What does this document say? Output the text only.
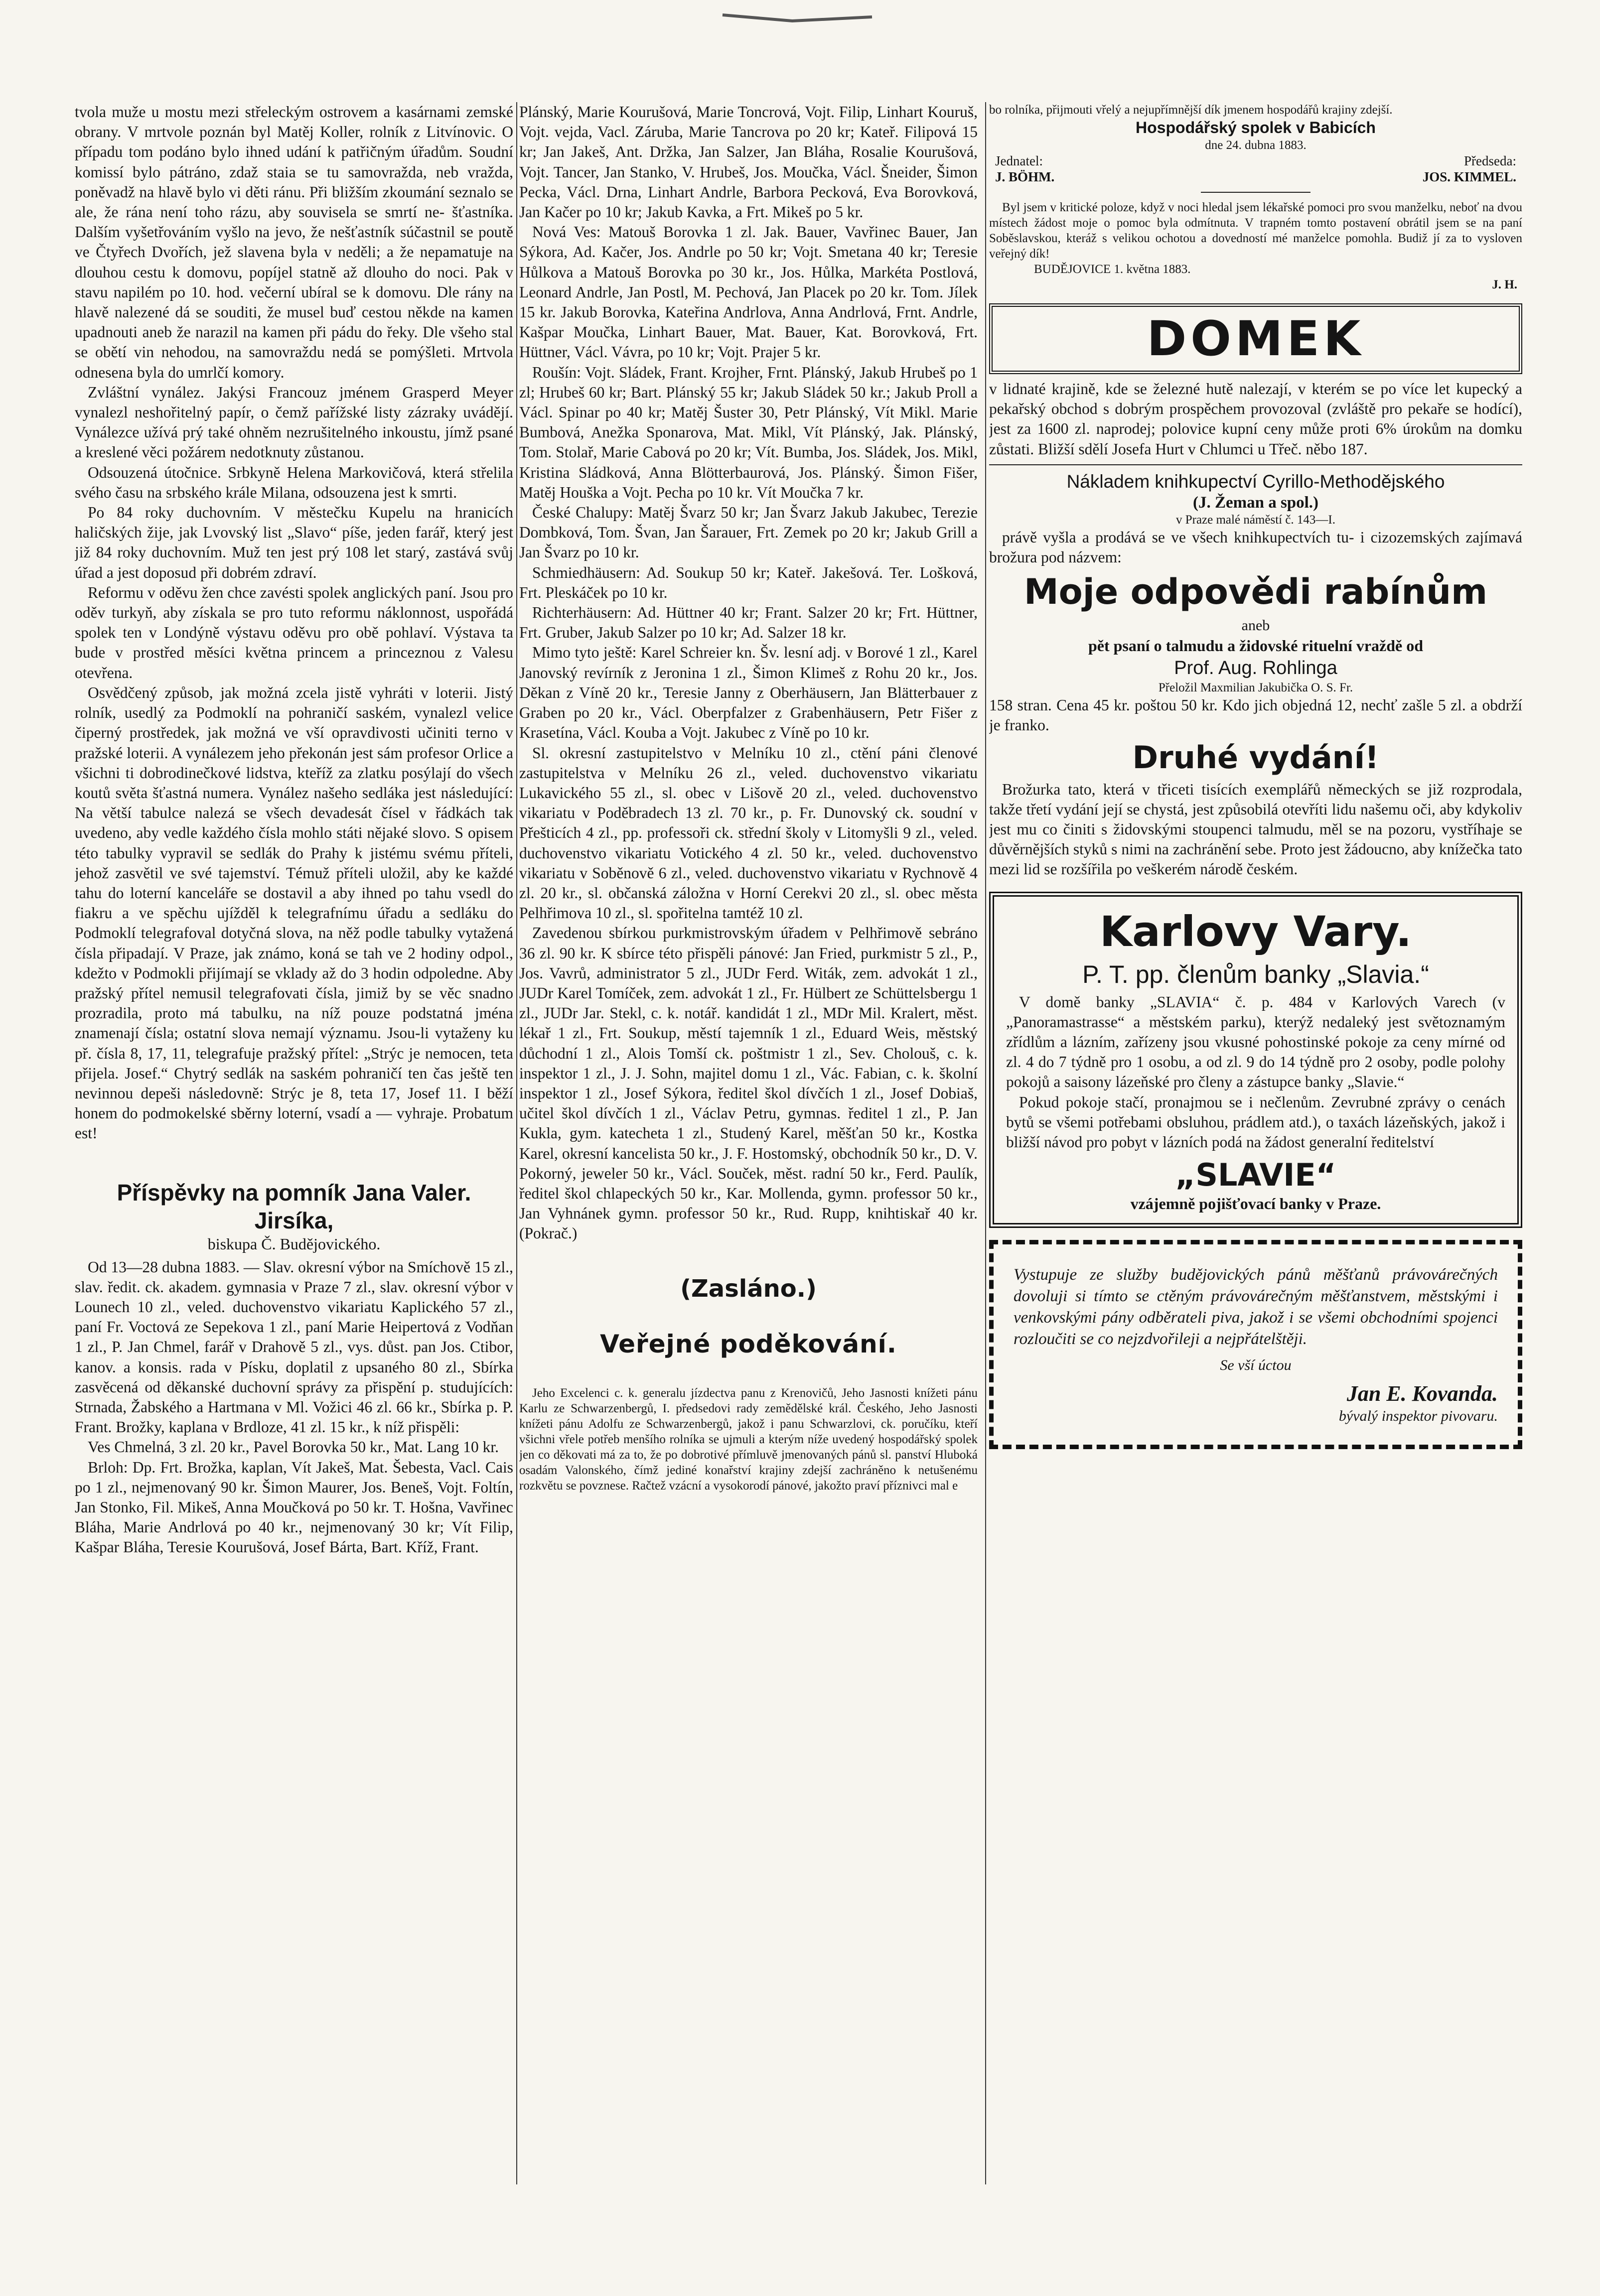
tvola muže u mostu mezi střeleckým ostrovem a kasárnami zemské obrany. V mrtvole poznán byl Matěj Koller, rolník z Litvínovic. O případu tom podáno bylo ihned udání k patřičným úřadům. Soudní komissí bylo pátráno, zdaž staia se tu samovražda, neb vražda, poněvadž na hlavě bylo vi děti ránu. Při bližším zkoumání seznalo se ale, že rána není toho rázu, aby souvisela se smrtí ne- šťastníka. Dalším vyšetřováním vyšlo na jevo, že nešťastník súčastnil se poutě ve Čtyřech Dvořích, jež slavena byla v neděli; a že nepamatuje na dlouhou cestu k domovu, popíjel statně až dlouho do noci. Pak v stavu napilém po 10. hod. večerní ubíral se k domovu. Dle rány na hlavě nalezené dá se souditi, že musel buď cestou někde na kamen upadnouti aneb že narazil na kamen při pádu do řeky. Dle všeho stal se obětí vin nehodou, na samovraždu nedá se pomýšleti. Mrtvola odnesena byla do umrlčí komory.

Zvláštní vynález. Jakýsi Francouz jménem Grasperd Meyer vynalezl neshořitelný papír, o čemž pařížské listy zázraky uvádějí. Vynálezce užívá prý také ohněm nezrušitelného inkoustu, jímž psané a kreslené věci požárem nedotknuty zůstanou.

Odsouzená útočnice. Srbkyně Helena Markovičová, která střelila svého času na srbského krále Milana, odsouzena jest k smrti.

Po 84 roky duchovním. V městečku Kupelu na hranicích haličských žije, jak Lvovský list „Slavo“ píše, jeden farář, který jest již 84 roky duchovním. Muž ten jest prý 108 let starý, zastává svůj úřad a jest doposud při dobrém zdraví.

Reformu v oděvu žen chce zavésti spolek anglických paní. Jsou pro oděv turkyň, aby získala se pro tuto reformu náklonnost, uspořádá spolek ten v Londýně výstavu oděvu pro obě pohlaví. Výstava ta bude v prostřed měsíci května princem a princeznou z Valesu otevřena.

Osvědčený způsob, jak možná zcela jistě vyhráti v loterii. Jistý rolník, usedlý za Podmoklí na pohraničí saském, vynalezl velice čiperný prostředek, jak možná ve vší opravdivosti učiniti terno v pražské loterii. A vynálezem jeho překonán jest sám profesor Orlice a všichni ti dobrodinečkové lidstva, kteříž za zlatku posýlají do všech koutů světa šťastná numera. Vynález našeho sedláka jest následující: Na větší tabulce nalezá se všech devadesát čísel v řádkách tak uvedeno, aby vedle každého čísla mohlo státi nějaké slovo. S opisem této tabulky vypravil se sedlák do Prahy k jistému svému příteli, jehož zasvětil ve své tajemství. Témuž příteli uložil, aby ke každé tahu do loterní kanceláře se dostavil a aby ihned po tahu vsedl do fiakru a ve spěchu ujížděl k telegrafnímu úřadu a sedláku do Podmoklí telegrafoval dotyčná slova, na něž podle tabulky vytažená čísla připadají. V Praze, jak známo, koná se tah ve 2 hodiny odpol., kdežto v Podmokli přijímají se vklady až do 3 hodin odpoledne. Aby pražský přítel nemusil telegrafovati čísla, jimiž by se věc snadno prozradila, proto má tabulku, na níž pouze podstatná jména znamenají čísla; ostatní slova nemají významu. Jsou-li vytaženy ku př. čísla 8, 17, 11, telegrafuje pražský přítel: „Strýc je nemocen, teta přijela. Josef.“ Chytrý sedlák na saském pohraničí ten čas ještě ten nevinnou depeši následovně: Strýc je 8, teta 17, Josef 11. I běží honem do podmokelské sběrny loterní, vsadí a — vyhraje. Probatum est!

Příspěvky na pomník Jana Valer. Jirsíka,

biskupa Č. Budějovického.

Od 13—28 dubna 1883. — Slav. okresní výbor na Smíchově 15 zl., slav. ředit. ck. akadem. gymnasia v Praze 7 zl., slav. okresní výbor v Lounech 10 zl., veled. duchovenstvo vikariatu Kaplického 57 zl., paní Fr. Voctová ze Sepekova 1 zl., paní Marie Heipertová z Vodňan 1 zl., P. Jan Chmel, farář v Drahově 5 zl., vys. důst. pan Jos. Ctibor, kanov. a konsis. rada v Písku, doplatil z upsaného 80 zl., Sbírka zasvěcená od děkanské duchovní správy za přispění p. studujících: Strnada, Žabského a Hartmana v Ml. Vožici 46 zl. 66 kr., Sbírka p. P. Frant. Brožky, kaplana v Brdloze, 41 zl. 15 kr., k níž přispěli:

Ves Chmelná, 3 zl. 20 kr., Pavel Borovka 50 kr., Mat. Lang 10 kr.

Brloh: Dp. Frt. Brožka, kaplan, Vít Jakeš, Mat. Šebesta, Vacl. Cais po 1 zl., nejmenovaný 90 kr. Šimon Maurer, Jos. Beneš, Vojt. Foltín, Jan Stonko, Fil. Mikeš, Anna Moučková po 50 kr. T. Hošna, Vavřinec Bláha, Marie Andrlová po 40 kr., nejmenovaný 30 kr; Vít Filip, Kašpar Bláha, Teresie Kourušová, Josef Bárta, Bart. Kříž, Frant.

Plánský, Marie Kourušová, Marie Toncrová, Vojt. Filip, Linhart Kouruš, Vojt. vejda, Vacl. Záruba, Marie Tancrova po 20 kr; Kateř. Filipová 15 kr; Jan Jakeš, Ant. Držka, Jan Salzer, Jan Bláha, Rosalie Kourušová, Vojt. Tancer, Jan Stanko, V. Hrubeš, Jos. Moučka, Václ. Šneider, Šimon Pecka, Václ. Drna, Linhart Andrle, Barbora Pecková, Eva Borovková, Jan Kačer po 10 kr; Jakub Kavka, a Frt. Mikeš po 5 kr.

Nová Ves: Matouš Borovka 1 zl. Jak. Bauer, Vavřinec Bauer, Jan Sýkora, Ad. Kačer, Jos. Andrle po 50 kr; Vojt. Smetana 40 kr; Teresie Hůlkova a Matouš Borovka po 30 kr., Jos. Hůlka, Markéta Postlová, Leonard Andrle, Jan Postl, M. Pechová, Jan Placek po 20 kr. Tom. Jílek 15 kr. Jakub Borovka, Kateřina Andrlova, Anna Andrlová, Frnt. Andrle, Kašpar Moučka, Linhart Bauer, Mat. Bauer, Kat. Borovková, Frt. Hüttner, Václ. Vávra, po 10 kr; Vojt. Prajer 5 kr.

Roušín: Vojt. Sládek, Frant. Krojher, Frnt. Plánský, Jakub Hrubeš po 1 zl; Hrubeš 60 kr; Bart. Plánský 55 kr; Jakub Sládek 50 kr.; Jakub Proll a Václ. Spinar po 40 kr; Matěj Šuster 30, Petr Plánský, Vít Mikl. Marie Bumbová, Anežka Sponarova, Mat. Mikl, Vít Plánský, Jak. Plánský, Tom. Stolař, Marie Cabová po 20 kr; Vít. Bumba, Jos. Sládek, Jos. Mikl, Kristina Sládková, Anna Blötterbaurová, Jos. Plánský. Šimon Fišer, Matěj Houška a Vojt. Pecha po 10 kr. Vít Moučka 7 kr.

České Chalupy: Matěj Švarz 50 kr; Jan Švarz Jakub Jakubec, Terezie Dombková, Tom. Švan, Jan Šarauer, Frt. Zemek po 20 kr; Jakub Grill a Jan Švarz po 10 kr.

Schmiedhäusern: Ad. Soukup 50 kr; Kateř. Jakešová. Ter. Lošková, Frt. Pleskáček po 10 kr.

Richterhäusern: Ad. Hüttner 40 kr; Frant. Salzer 20 kr; Frt. Hüttner, Frt. Gruber, Jakub Salzer po 10 kr; Ad. Salzer 18 kr.

Mimo tyto ještě: Karel Schreier kn. Šv. lesní adj. v Borové 1 zl., Karel Janovský revírník z Jeronina 1 zl., Šimon Klimeš z Rohu 20 kr., Jos. Děkan z Víně 20 kr., Teresie Janny z Oberhäusern, Jan Blätterbauer z Graben po 20 kr., Václ. Oberpfalzer z Grabenhäusern, Petr Fišer z Krasetína, Václ. Kouba a Vojt. Jakubec z Víně po 10 kr.

Sl. okresní zastupitelstvo v Melníku 10 zl., ctění páni členové zastupitelstva v Melníku 26 zl., veled. duchovenstvo vikariatu Lukavického 55 zl., sl. obec v Lišově 20 zl., veled. duchovenstvo vikariatu v Poděbradech 13 zl. 70 kr., p. Fr. Dunovský ck. soudní v Přešticích 4 zl., pp. professoři ck. střední školy v Litomyšli 9 zl., veled. duchovenstvo vikariatu Votického 4 zl. 50 kr., veled. duchovenstvo vikariatu v Soběnově 6 zl., veled. duchovenstvo vikariatu v Rychnově 4 zl. 20 kr., sl. občanská záložna v Horní Cerekvi 20 zl., sl. obec města Pelhřimova 10 zl., sl. spořitelna tamtéž 10 zl.

Zavedenou sbírkou purkmistrovským úřadem v Pelhřimově sebráno 36 zl. 90 kr. K sbírce této přispěli pánové: Jan Fried, purkmistr 5 zl., P., Jos. Vavrů, administrator 5 zl., JUDr Ferd. Witák, zem. advokát 1 zl., JUDr Karel Tomíček, zem. advokát 1 zl., Fr. Hülbert ze Schüttelsbergu 1 zl., JUDr Jar. Stekl, c. k. notář. kandidát 1 zl., MDr Mil. Kralert, měst. lékař 1 zl., Frt. Soukup, městí tajemník 1 zl., Eduard Weis, městský důchodní 1 zl., Alois Tomší ck. poštmistr 1 zl., Sev. Cholouš, c. k. inspektor 1 zl., J. J. Sohn, majitel domu 1 zl., Vác. Fabian, c. k. školní inspektor 1 zl., Josef Sýkora, ředitel škol dívčích 1 zl., Josef Dobiaš, učitel škol dívčích 1 zl., Václav Petru, gymnas. ředitel 1 zl., P. Jan Kukla, gym. katecheta 1 zl., Studený Karel, měšťan 50 kr., Kostka Karel, okresní kancelista 50 kr., J. F. Hostomský, obchodník 50 kr., D. V. Pokorný, jeweler 50 kr., Václ. Souček, měst. radní 50 kr., Ferd. Paulík, ředitel škol chlapeckých 50 kr., Kar. Mollenda, gymn. professor 50 kr., Jan Vyhnánek gymn. professor 50 kr., Rud. Rupp, knihtiskař 40 kr. (Pokrač.)

(Zasláno.)

Veřejné poděkování.

Jeho Excelenci c. k. generalu jízdectva panu z Krenovičů, Jeho Jasnosti knížeti pánu Karlu ze Schwarzenbergů, I. předsedovi rady zemědělské král. Českého, Jeho Jasnosti knížeti pánu Adolfu ze Schwarzenbergů, jakož i panu Schwarzlovi, ck. poručíku, kteří všichni vřele potřeb menšího rolníka se ujmuli a kterým níže uvedený hospodářský spolek jen co děkovati má za to, že po dobrotivé přímluvě jmenovaných pánů sl. panství Hluboká osadám Valonského, čímž jediné konařství krajiny zdejší zachráněno k netušenému rozkvětu se povznese. Račtež vzácní a vysokorodí pánové, jakožto praví příznivci mal e

bo rolníka, přijmouti vřelý a nejupřímnější dík jmenem hospodářů krajiny zdejší.

Hospodářský spolek v Babicích

dne 24. dubna 1883.

Jednatel:	Předseda:
J. BÖHM.	JOS. KIMMEL.

Byl jsem v kritické poloze, když v noci hledal jsem lékařské pomoci pro svou manželku, neboť na dvou místech žádost moje o pomoc byla odmítnuta. V trapném tomto postavení obrátil jsem se na paní Soběslavskou, kteráž s velikou ochotou a dovedností mé manželce pomohla. Budiž jí za to vysloven veřejný dík!

BUDĚJOVICE 1. května 1883.

J. H.

DOMEK

v lidnaté krajině, kde se železné hutě nalezají, v kterém se po více let kupecký a pekařský obchod s dobrým prospěchem provozoval (zvláště pro pekaře se hodící), jest za 1600 zl. naprodej; polovice kupní ceny může proti 6% úrokům na domku zůstati. Bližší sdělí Josefa Hurt v Chlumci u Třeč. něbo 187.

Nákladem knihkupectví Cyrillo-Methodějského

(J. Žeman a spol.)

v Praze malé náměstí č. 143—I.

právě vyšla a prodává se ve všech knihkupectvích tu- i cizozemských zajímavá brožura pod názvem:

Moje odpovědi rabínům

aneb

pět psaní o talmudu a židovské rituelní vraždě od

Prof. Aug. Rohlinga

Přeložil Maxmilian Jakubička O. S. Fr.

158 stran. Cena 45 kr. poštou 50 kr. Kdo jich objedná 12, nechť zašle 5 zl. a obdrží je franko.

Druhé vydání!

Brožurka tato, která v třiceti tisících exemplářů německých se již rozprodala, takže třetí vydání její se chystá, jest způsobilá otevříti lidu našemu oči, aby kdykoliv jest mu co činiti s židovskými stoupenci talmudu, měl se na pozoru, vystříhaje se důvěrnějších styků s nimi na zachránění sebe. Proto jest žádoucno, aby knížečka tato mezi lid se rozšířila po veškerém národě českém.

Karlovy Vary.

P. T. pp. členům banky „Slavia.“

V domě banky „SLAVIA“ č. p. 484 v Karlových Varech (v „Panoramastrasse“ a městském parku), kterýž nedaleký jest světoznamým zřídlům a lázním, zařízeny jsou vkusné pohostinské pokoje za ceny mírné od zl. 4 do 7 týdně pro 1 osobu, a od zl. 9 do 14 týdně pro 2 osoby, podle polohy pokojů a saisony lázeňské pro členy a zástupce banky „Slavie.“

Pokud pokoje stačí, pronajmou se i nečlenům. Zevrubné zprávy o cenách bytů se všemi potřebami obsluhou, prádlem atd.), o taxách lázeňských, jakož i bližší návod pro pobyt v lázních podá na žádost generalní ředitelství

„SLAVIE“

vzájemně pojišťovací banky v Praze.

Vystupuje ze služby budějovických pánů měšťanů právovárečných dovoluji si tímto se ctěným právovárečným měšťanstvem, městskými i venkovskými pány odběrateli piva, jakož i se všemi obchodními spojenci rozloučiti se co nejzdvořileji a nejpřátelštěji.

Se vší úctou

Jan E. Kovanda.

bývalý inspektor pivovaru.
